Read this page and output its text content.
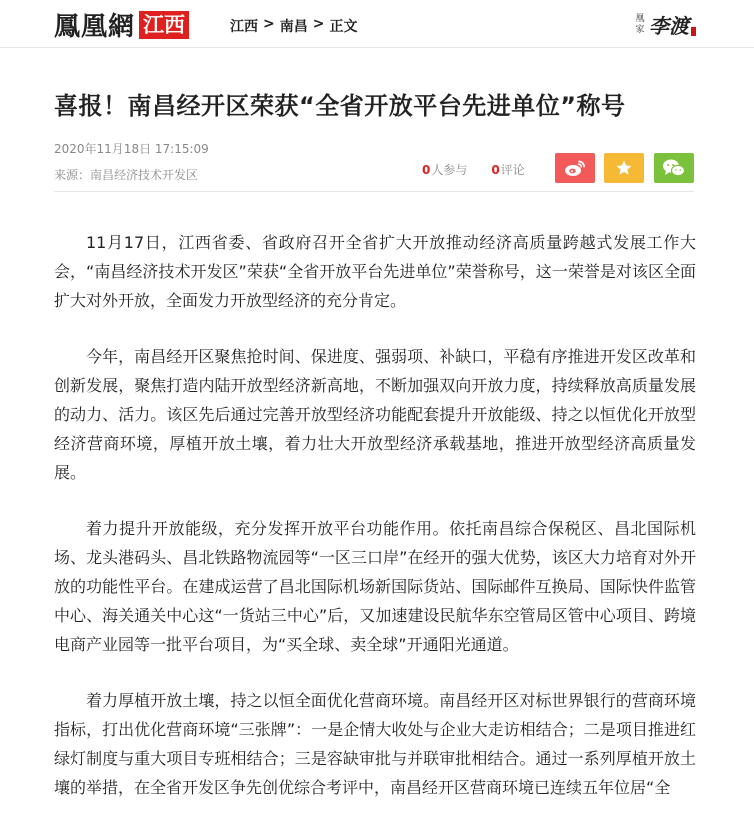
鳳凰網 江西	江西 > 南昌 > 正文
凰家 李渡
喜报！南昌经开区荣获“全省开放平台先进单位”称号
2020年11月18日 17:15:09
来源：南昌经济技术开发区	0人参与 0评论

11月17日，江西省委、省政府召开全省扩大开放推动经济高质量跨越式发展工作大会，“南昌经济技术开发区”荣获“全省开放平台先进单位”荣誉称号，这一荣誉是对该区全面扩大对外开放，全面发力开放型经济的充分肯定。

今年，南昌经开区聚焦抢时间、保进度、强弱项、补缺口，平稳有序推进开发区改革和创新发展，聚焦打造内陆开放型经济新高地，不断加强双向开放力度，持续释放高质量发展的动力、活力。该区先后通过完善开放型经济功能配套提升开放能级、持之以恒优化开放型经济营商环境，厚植开放土壤，着力壮大开放型经济承载基地，推进开放型经济高质量发展。

着力提升开放能级，充分发挥开放平台功能作用。依托南昌综合保税区、昌北国际机场、龙头港码头、昌北铁路物流园等“一区三口岸”在经开的强大优势，该区大力培育对外开放的功能性平台。在建成运营了昌北国际机场新国际货站、国际邮件互换局、国际快件监管中心、海关通关中心这“一货站三中心”后，又加速建设民航华东空管局区管中心项目、跨境电商产业园等一批平台项目，为“买全球、卖全球”开通阳光通道。

着力厚植开放土壤，持之以恒全面优化营商环境。南昌经开区对标世界银行的营商环境指标，打出优化营商环境“三张牌”：一是企情大收处与企业大走访相结合；二是项目推进红绿灯制度与重大项目专班相结合；三是容缺审批与并联审批相结合。通过一系列厚植开放土壤的举措，在全省开发区争先创优综合考评中，南昌经开区营商环境已连续五年位居“全
